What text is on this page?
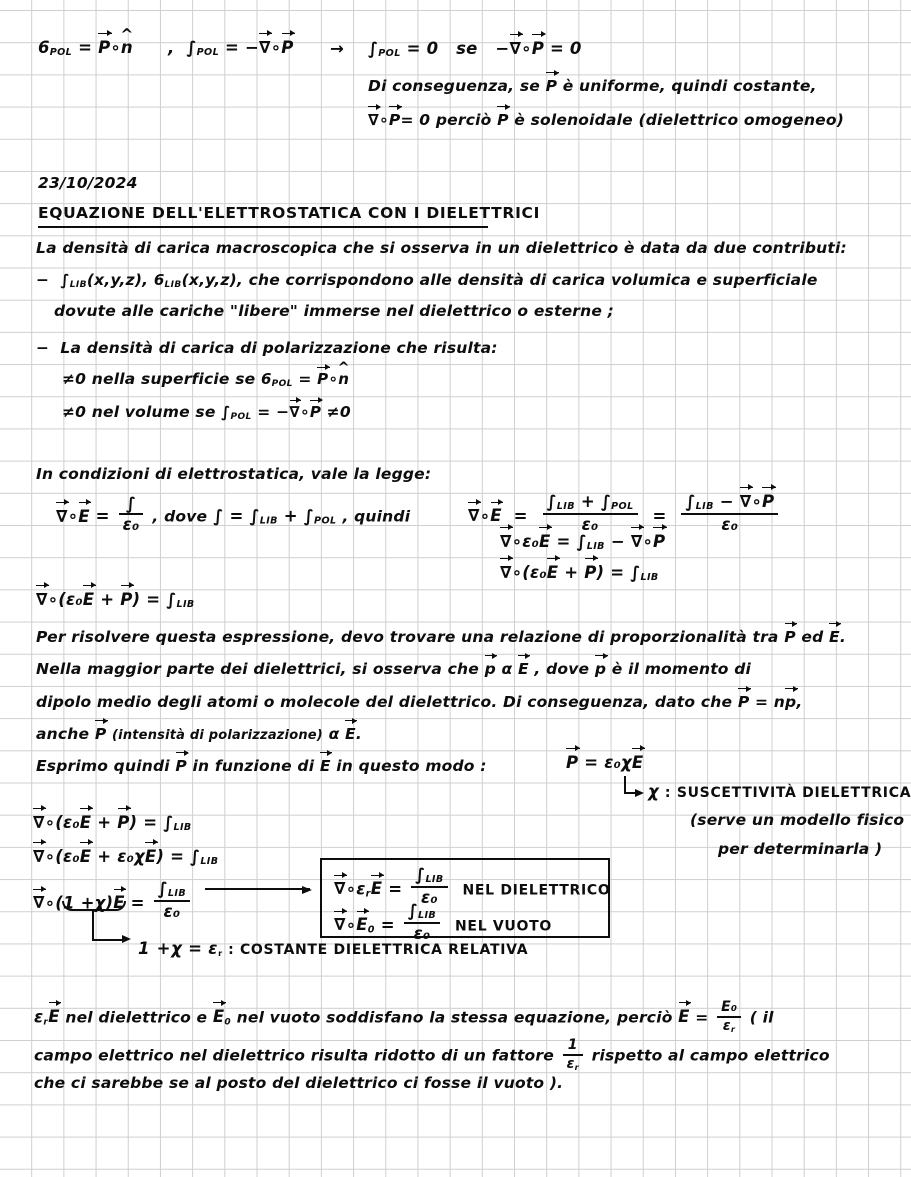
$6_{POL}$ = P∘n ^ , $\int_{POL}$ = −∇∘P → $\int_{POL} = 0$ se −∇∘P = 0
Di conseguenza, se P è uniforme, quindi costante,
∇∘P= 0 perciò P è solenoidale (dielettrico omogeneo)
23/10/2024
EQUAZIONE DELL'ELETTROSTATICA CON I DIELETTRICI
La densità di carica macroscopica che si osserva in un dielettrico è data da due contributi:
− $\int_{LIB}(x,y,z)$, $6_{LIB}(x,y,z)$, che corrispondono alle densità di carica volumica e superficiale
dovute alle cariche "libere" immerse nel dielettrico o esterne ;
− La densità di carica di polarizzazione che risulta:
≠0 nella superficie se $6_{POL}$ = P∘n ^
≠0 nel volume se $\int_{POL}$ = −∇∘P ≠0
In condizioni di elettrostatica, vale la legge:
∇∘E = $\frac{\int}{\text{ε₀}}$ , dove ∫ = $\int_{LIB} + \int_{POL}$ , quindi	∇∘E = $\frac{\int_{LIB} + \int_{POL}}{\text{ε₀}} = \frac{\int_{LIB} - \nabla\circ P}{\text{ε₀}}$
∇∘ε₀E = $\int_{LIB}$ − ∇∘P
∇∘(ε₀E + $P) = \int_{LIB}$
∇∘(ε₀E + $P) = \int_{LIB}$
Per risolvere questa espressione, devo trovare una relazione di proporzionalità tra P ed E.
Nella maggior parte dei dielettrici, si osserva che p α E , dove p è il momento di
dipolo medio degli atomi o molecole del dielettrico. Di conseguenza, dato che P = np,
anche P (intensità di polarizzazione) α E.
Esprimo quindi P in funzione di E in questo modo :	P = ε₀χE
χ : SUSCETTIVITÀ DIELETTRICA
(serve un modello fisico
per determinarla )
∇∘(ε₀E + $P) = \int_{LIB}$
∇∘(ε₀E + $\varepsilon_0\chi E) = \int_{LIB}$
∇∘(1 $+\chi)E = \frac{\int_{LIB}}{\text{ε₀}}$
$1 +\chi = \varepsilon_r$ : COSTANTE DIELETTRICA RELATIVA
$\nabla\circ\varepsilon_rE = \frac{\int_{LIB}}{\text{ε₀}}$ NEL DIELETTRICO
$\nabla\circ E_0 = \frac{\int_{LIB}}{\text{ε₀}}$ NEL VUOTO
$\varepsilon_rE$ nel dielettrico e $E_0$ nel vuoto soddisfano la stessa equazione, perciò $E = \frac{\text{E₀}}{\varepsilon_r}$ ( il
campo elettrico nel dielettrico risulta ridotto di un fattore $\frac{1}{\varepsilon_r}$ rispetto al campo elettrico
che ci sarebbe se al posto del dielettrico ci fosse il vuoto ).
